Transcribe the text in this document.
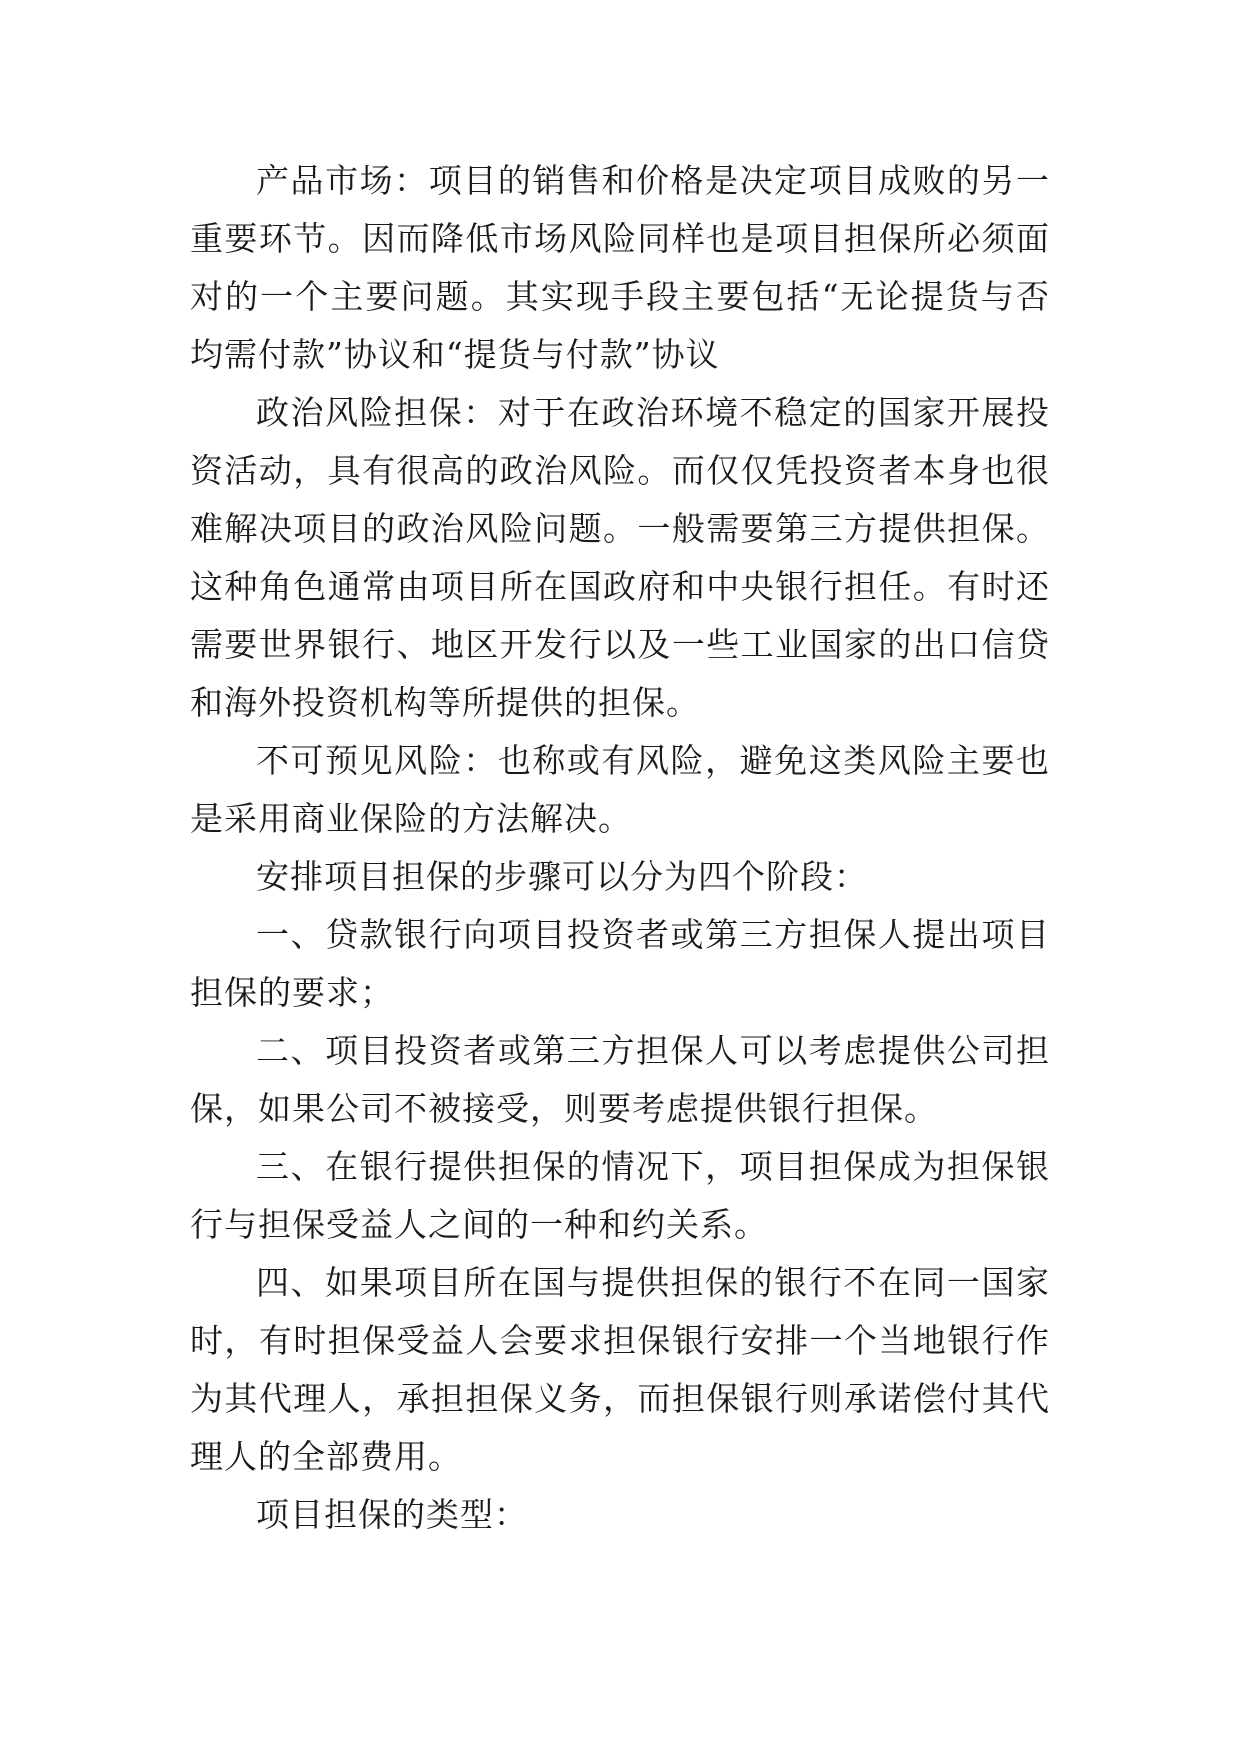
产品市场：项目的销售和价格是决定项目成败的另一重要环节。因而降低市场风险同样也是项目担保所必须面对的一个主要问题。其实现手段主要包括“无论提货与否均需付款”协议和“提货与付款”协议

政治风险担保：对于在政治环境不稳定的国家开展投资活动，具有很高的政治风险。而仅仅凭投资者本身也很难解决项目的政治风险问题。一般需要第三方提供担保。这种角色通常由项目所在国政府和中央银行担任。有时还需要世界银行、地区开发行以及一些工业国家的出口信贷和海外投资机构等所提供的担保。

不可预见风险：也称或有风险，避免这类风险主要也是采用商业保险的方法解决。

安排项目担保的步骤可以分为四个阶段：

一、贷款银行向项目投资者或第三方担保人提出项目担保的要求；

二、项目投资者或第三方担保人可以考虑提供公司担保，如果公司不被接受，则要考虑提供银行担保。

三、在银行提供担保的情况下，项目担保成为担保银行与担保受益人之间的一种和约关系。

四、如果项目所在国与提供担保的银行不在同一国家时，有时担保受益人会要求担保银行安排一个当地银行作为其代理人，承担担保义务，而担保银行则承诺偿付其代理人的全部费用。

项目担保的类型：
